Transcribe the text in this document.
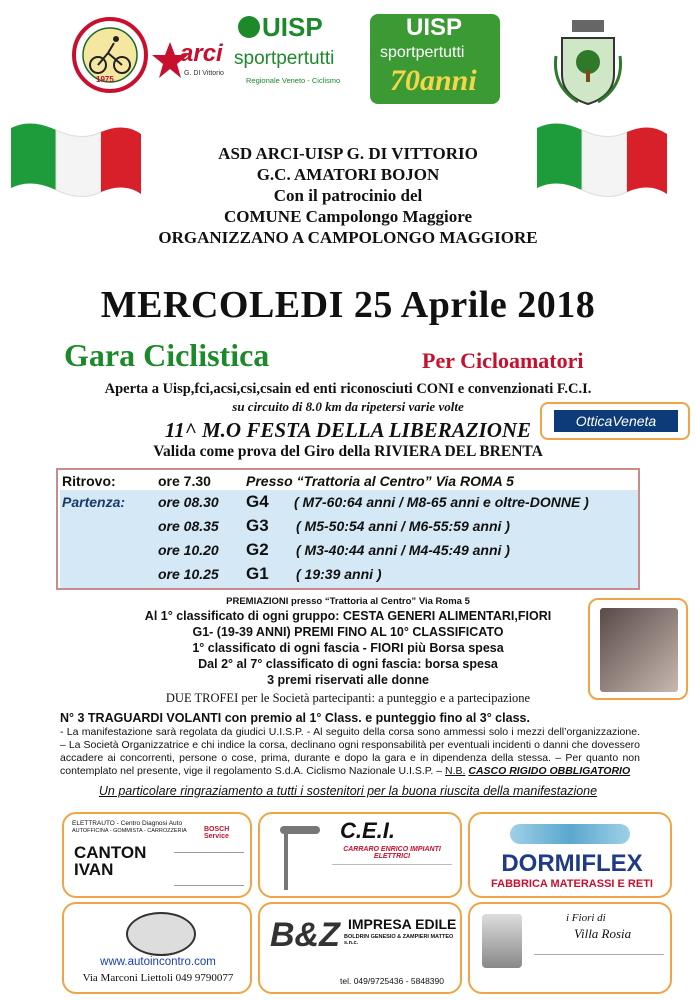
1975
arci
G. DI Vittorio
UISP
sportpertutti
Regionale Veneto - Ciclismo
UISP
sportpertutti
70anni
ASD ARCI-UISP G. DI VITTORIO
G.C. AMATORI BOJON
Con il patrocinio del
COMUNE Campolongo Maggiore
ORGANIZZANO A CAMPOLONGO MAGGIORE
MERCOLEDI 25 Aprile 2018
Gara Ciclistica	Per Cicloamatori
Aperta a Uisp,fci,acsi,csi,csain ed enti riconosciuti CONI e convenzionati F.C.I.
su circuito di 8.0 km da ripetersi varie volte
OtticaVeneta
11^ M.O FESTA DELLA LIBERAZIONE
Valida come prova del Giro della RIVIERA DEL BRENTA
Ritrovo:	ore 7.30	Presso “Trattoria al Centro” Via ROMA 5
Partenza: ore 08.30 G4 ( M7-60:64 anni / M8-65 anni e oltre-DONNE )
ore 08.35 G3 ( M5-50:54 anni / M6-55:59 anni )
ore 10.20 G2 ( M3-40:44 anni / M4-45:49 anni )
ore 10.25 G1 ( 19:39 anni )
PREMIAZIONI presso “Trattoria al Centro” Via Roma 5
Al 1° classificato di ogni gruppo: CESTA GENERI ALIMENTARI,FIORI
G1- (19-39 ANNI) PREMI FINO AL 10° CLASSIFICATO
1° classificato di ogni fascia - FIORI più Borsa spesa
Dal 2° al 7° classificato di ogni fascia: borsa spesa
3 premi riservati alle donne
DUE TROFEI per le Società partecipanti: a punteggio e a partecipazione
N° 3 TRAGUARDI VOLANTI con premio al 1° Class. e punteggio fino al 3° class.
- La manifestazione sarà regolata da giudici U.I.S.P. - Al seguito della corsa sono ammessi solo i mezzi dell’organizzazione. – La Società Organizzatrice e chi indice la corsa, declinano ogni responsabilità per eventuali incidenti o danni che dovessero accadere ai concorrenti, persone o cose, prima, durante e dopo la gara e in dipendenza della stessa. – Per quanto non contemplato nel presente, vige il regolamento S.d.A. Ciclismo Nazionale U.I.S.P. – N.B. CASCO RIGIDO OBBLIGATORIO
Un particolare ringraziamento a tutti i sostenitori per la buona riuscita della manifestazione
ELETTRAUTO - Centro Diagnosi Auto
AUTOFFICINA - GOMMISTA - CARROZZERIA BOSCH Service
CANTON IVAN
C.E.I.
CARRARO ENRICO IMPIANTI ELETTRICI	DORMIFLEX
FABBRICA MATERASSI E RETI
www.autoincontro.com
Via Marconi Liettoli 049 9790077
B&Z IMPRESA EDILE
BOLDRIN GENESIO & ZAMPIERI MATTEO s.n.c.
tel. 049/9725436 - 5848390
i Fiori di
Villa Rosia
